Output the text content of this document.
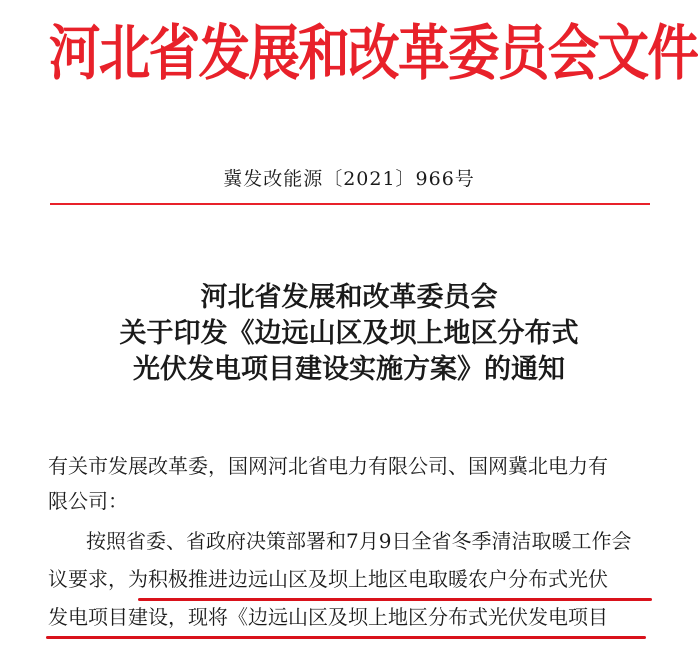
河北省发展和改革委员会文件
冀发改能源〔2021〕966号
河北省发展和改革委员会
关于印发《边远山区及坝上地区分布式
光伏发电项目建设实施方案》的通知
有关市发展改革委，国网河北省电力有限公司、国网冀北电力有
限公司：
按照省委、省政府决策部署和7月9日全省冬季清洁取暖工作会
议要求，为积极推进边远山区及坝上地区电取暖农户分布式光伏
发电项目建设，现将《边远山区及坝上地区分布式光伏发电项目
